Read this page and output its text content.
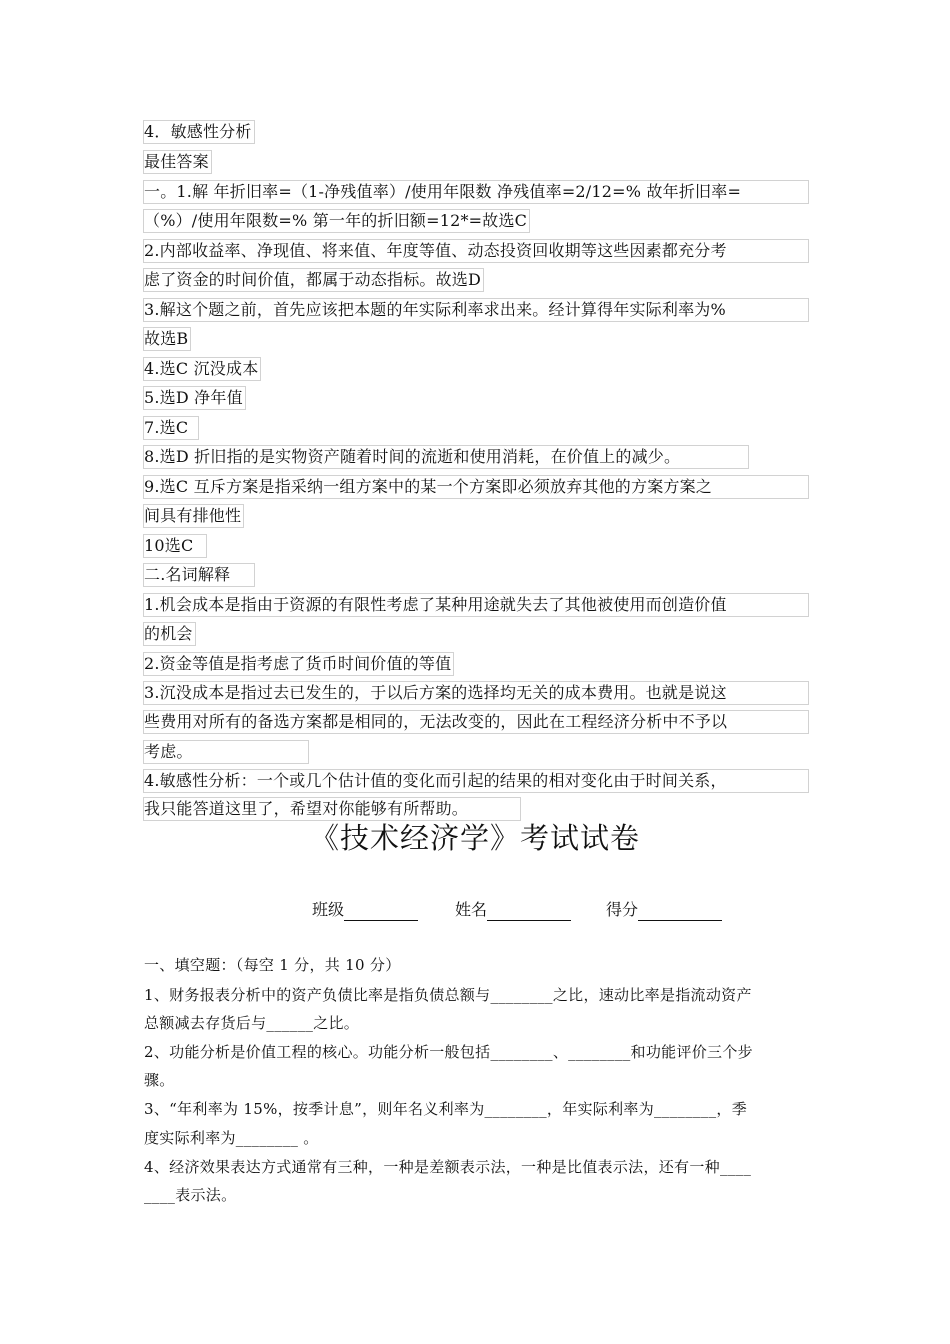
4．敏感性分析
最佳答案
一。1.解 年折旧率=（1-净残值率）/使用年限数 净残值率=2/12=% 故年折旧率=
（%）/使用年限数=% 第一年的折旧额=12*=故选C
2.内部收益率、净现值、将来值、年度等值、动态投资回收期等这些因素都充分考
虑了资金的时间价值，都属于动态指标。故选D
3.解这个题之前，首先应该把本题的年实际利率求出来。经计算得年实际利率为%
故选B
4.选C 沉没成本
5.选D 净年值
7.选C
8.选D 折旧指的是实物资产随着时间的流逝和使用消耗，在价值上的减少。
9.选C 互斥方案是指采纳一组方案中的某一个方案即必须放弃其他的方案方案之
间具有排他性
10选C
二.名词解释
1.机会成本是指由于资源的有限性考虑了某种用途就失去了其他被使用而创造价值
的机会
2.资金等值是指考虑了货币时间价值的等值
3.沉没成本是指过去已发生的，于以后方案的选择均无关的成本费用。也就是说这
些费用对所有的备选方案都是相同的，无法改变的，因此在工程经济分析中不予以
考虑。
4.敏感性分析：一个或几个估计值的变化而引起的结果的相对变化由于时间关系，
我只能答道这里了，希望对你能够有所帮助。
《技术经济学》考试试卷
班级	姓名	得分
一、填空题：（每空 1 分，共 10 分）
1、财务报表分析中的资产负债比率是指负债总额与________之比，速动比率是指流动资产
总额减去存货后与______之比。
2、功能分析是价值工程的核心。功能分析一般包括________、________和功能评价三个步
骤。
3、“年利率为 15%，按季计息”，则年名义利率为________，年实际利率为________，季
度实际利率为________ 。
4、经济效果表达方式通常有三种，一种是差额表示法，一种是比值表示法，还有一种____
____表示法。
